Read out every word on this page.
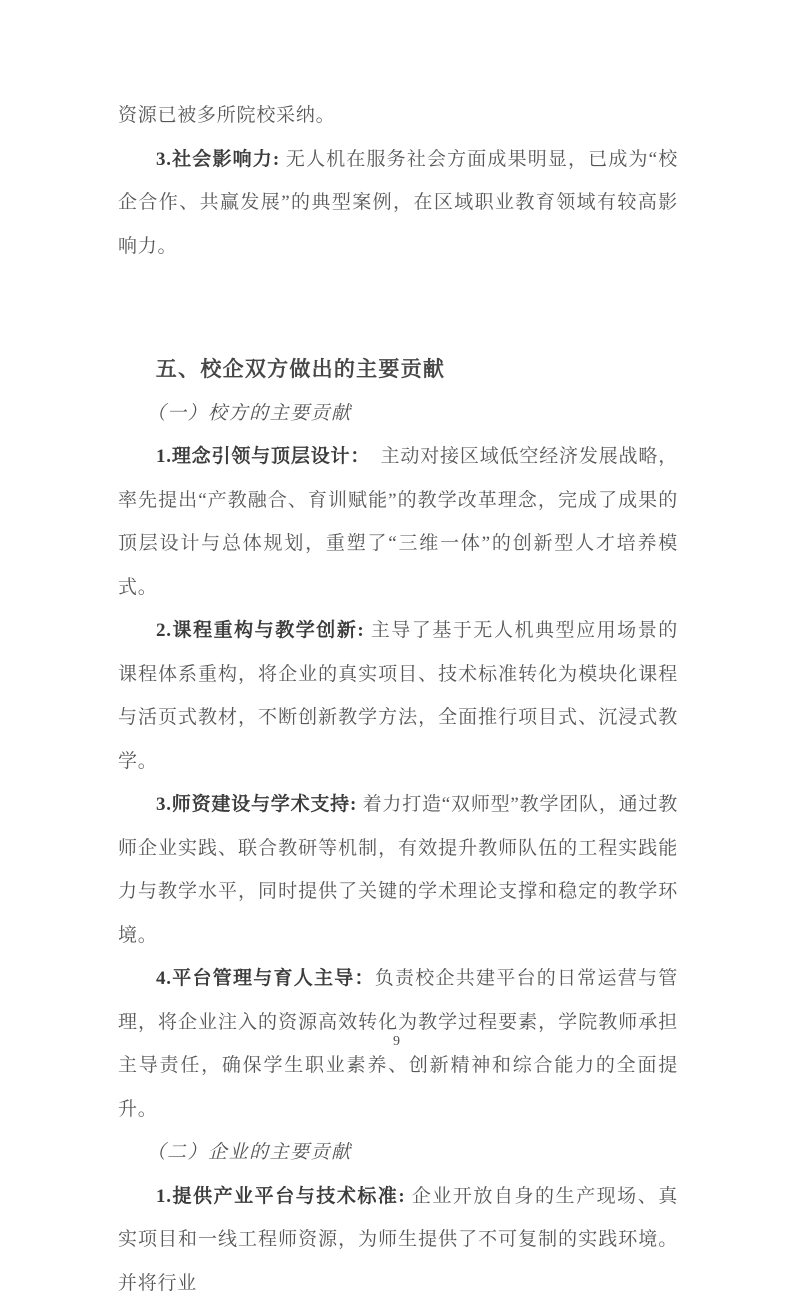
资源已被多所院校采纳。

3.社会影响力: 无人机在服务社会方面成果明显，已成为“校企合作、共赢发展”的典型案例，在区域职业教育领域有较高影响力。

五、校企双方做出的主要贡献

（一）校方的主要贡献

1.理念引领与顶层设计：　主动对接区域低空经济发展战略，率先提出“产教融合、育训赋能”的教学改革理念，完成了成果的顶层设计与总体规划，重塑了“三维一体”的创新型人才培养模式。

2.课程重构与教学创新: 主导了基于无人机典型应用场景的课程体系重构，将企业的真实项目、技术标准转化为模块化课程与活页式教材，不断创新教学方法，全面推行项目式、沉浸式教学。

3.师资建设与学术支持: 着力打造“双师型”教学团队，通过教师企业实践、联合教研等机制，有效提升教师队伍的工程实践能力与教学水平，同时提供了关键的学术理论支撑和稳定的教学环境。

4.平台管理与育人主导：负责校企共建平台的日常运营与管理，将企业注入的资源高效转化为教学过程要素，学院教师承担主导责任，确保学生职业素养、创新精神和综合能力的全面提升。

（二）企业的主要贡献

1.提供产业平台与技术标准: 企业开放自身的生产现场、真实项目和一线工程师资源，为师生提供了不可复制的实践环境。并将行业

9
